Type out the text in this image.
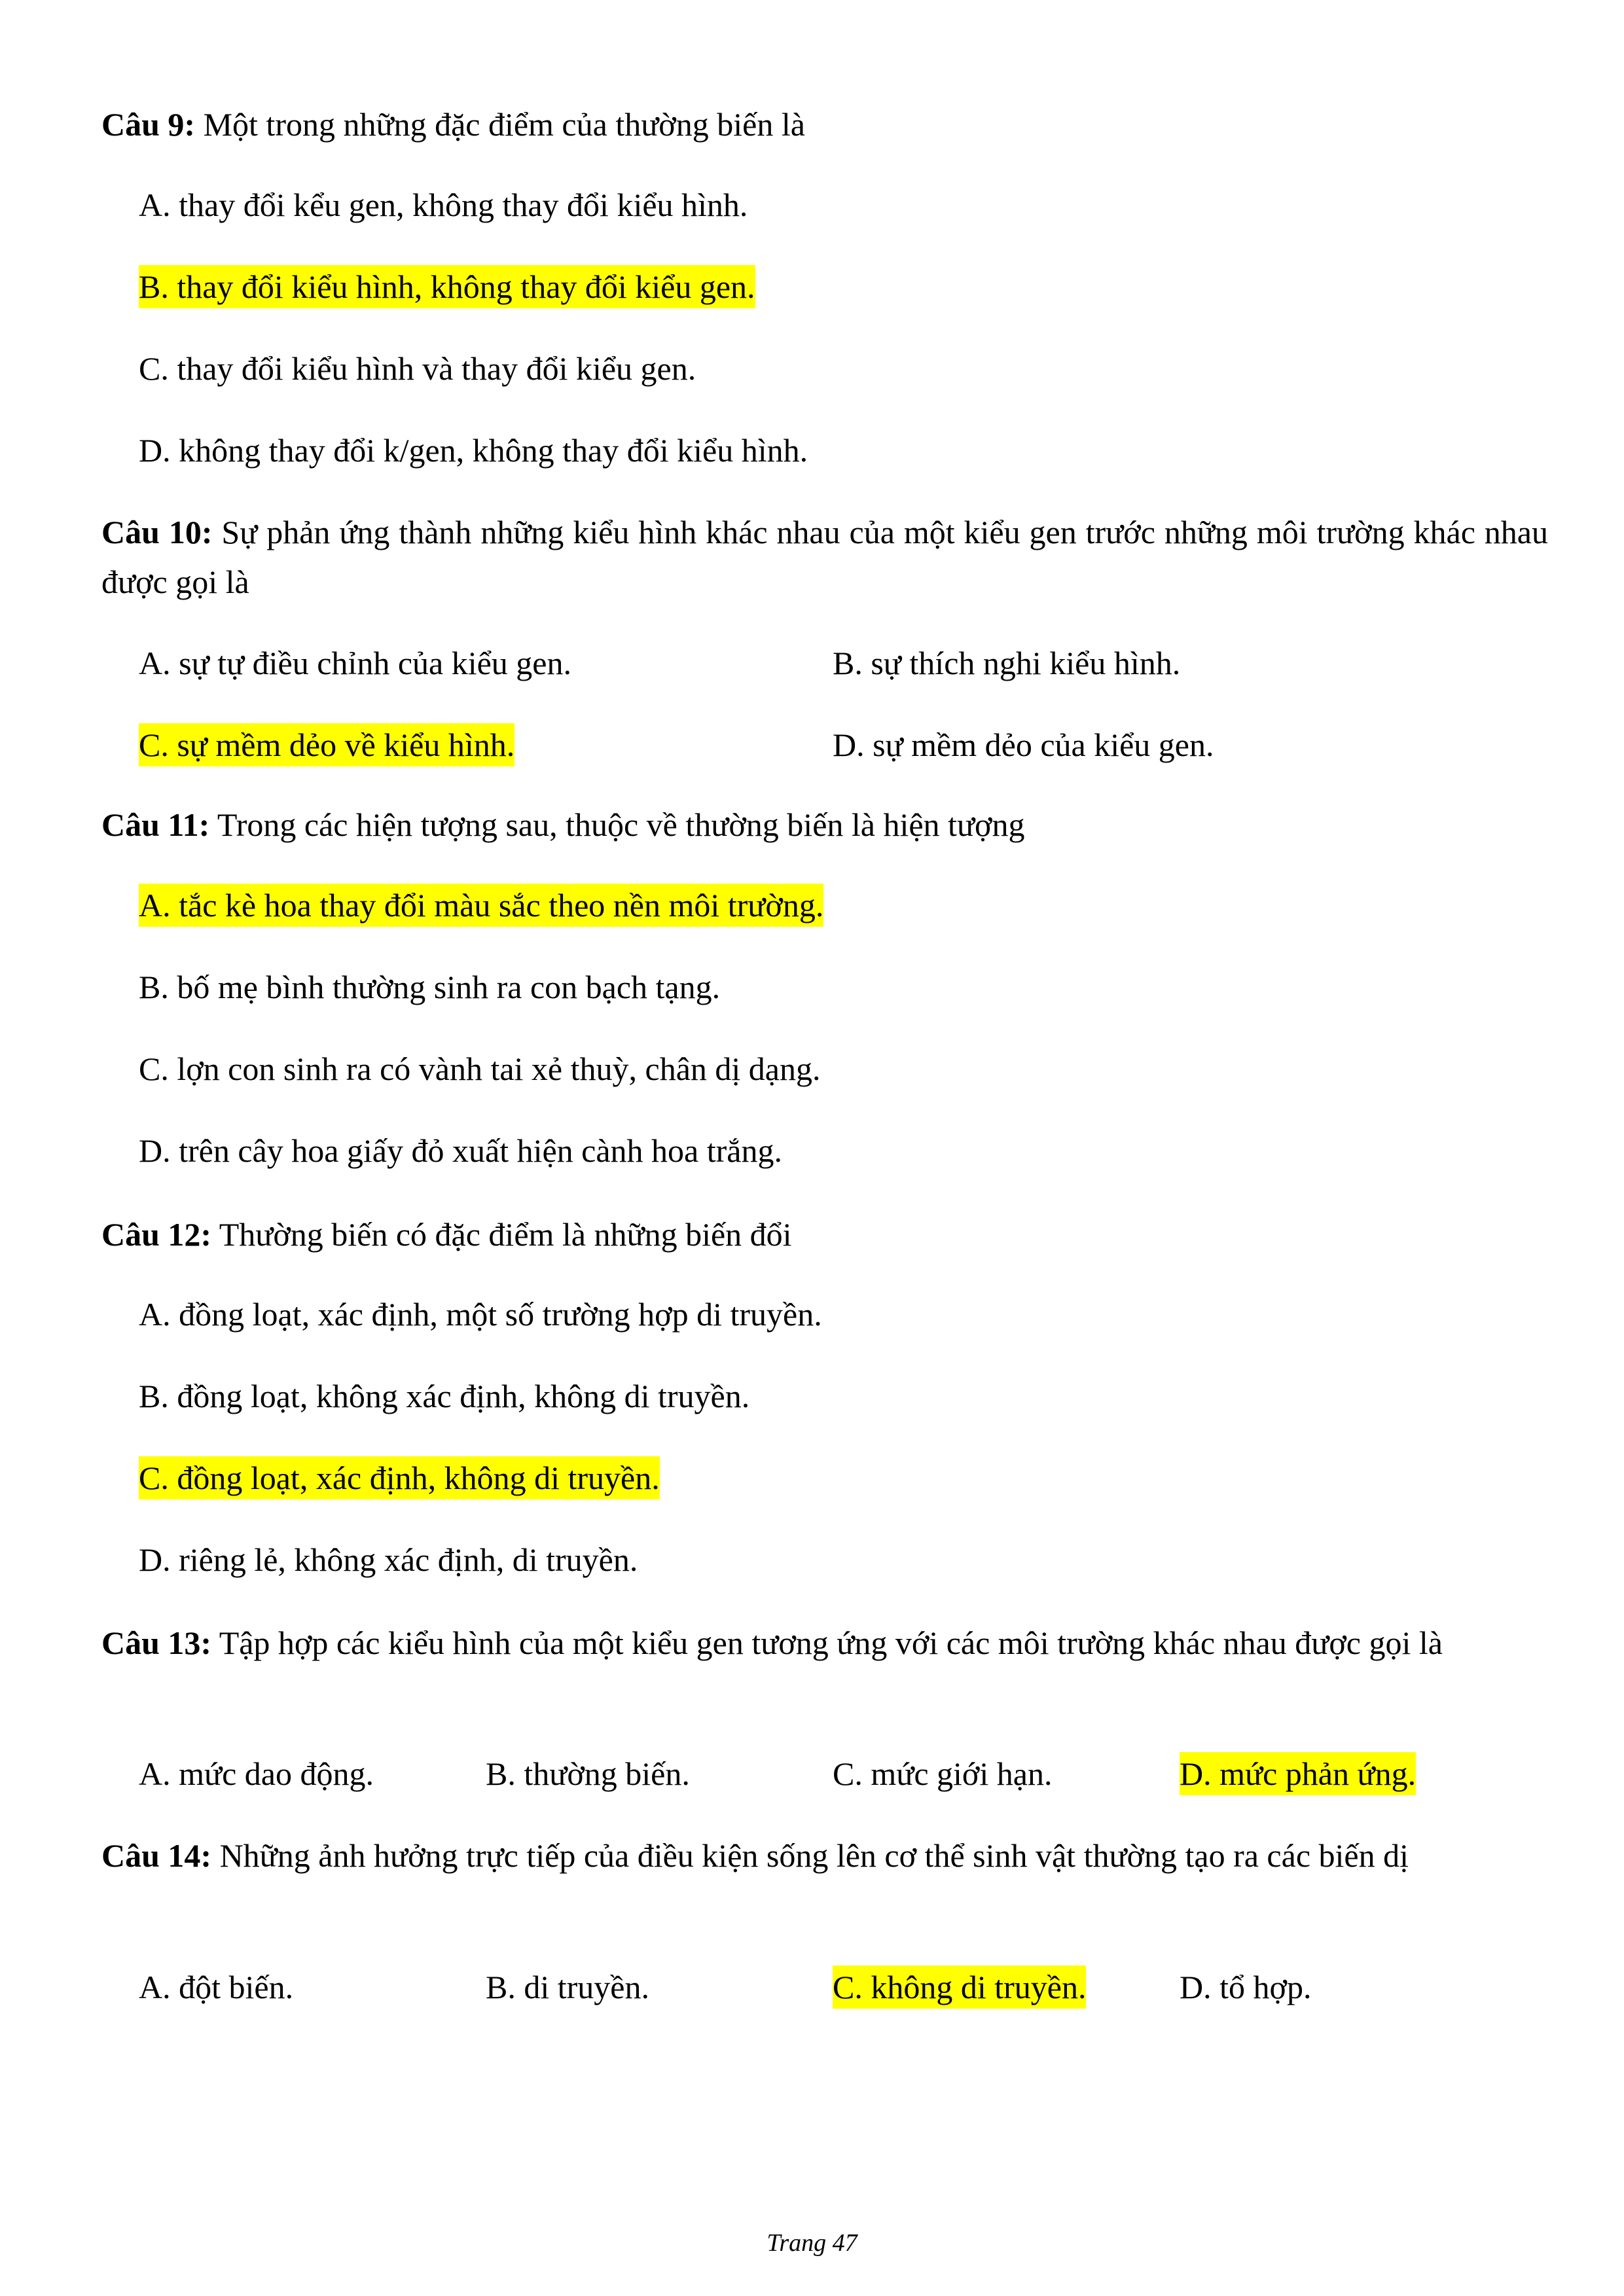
Câu 9: Một trong những đặc điểm của thường biến là
A. thay đổi kểu gen, không thay đổi kiểu hình.
B. thay đổi kiểu hình, không thay đổi kiểu gen.
C. thay đổi kiểu hình và thay đổi kiểu gen.
D. không thay đổi k/gen, không thay đổi kiểu hình.
Câu 10: Sự phản ứng thành những kiểu hình khác nhau của một kiểu gen trước những môi trường khác nhau được gọi là
A. sự tự điều chỉnh của kiểu gen.	B. sự thích nghi kiểu hình.
C. sự mềm dẻo về kiểu hình.	D. sự mềm dẻo của kiểu gen.
Câu 11: Trong các hiện tượng sau, thuộc về thường biến là hiện tượng
A. tắc kè hoa thay đổi màu sắc theo nền môi trường.
B. bố mẹ bình thường sinh ra con bạch tạng.
C. lợn con sinh ra có vành tai xẻ thuỳ, chân dị dạng.
D. trên cây hoa giấy đỏ xuất hiện cành hoa trắng.
Câu 12: Thường biến có đặc điểm là những biến đổi
A. đồng loạt, xác định, một số trường hợp di truyền.
B. đồng loạt, không xác định, không di truyền.
C. đồng loạt, xác định, không di truyền.
D. riêng lẻ, không xác định, di truyền.
Câu 13: Tập hợp các kiểu hình của một kiểu gen tương ứng với các môi trường khác nhau được gọi là
A. mức dao động.	B. thường biến.	C. mức giới hạn.	D. mức phản ứng.
Câu 14: Những ảnh hưởng trực tiếp của điều kiện sống lên cơ thể sinh vật thường tạo ra các biến dị
A. đột biến.	B. di truyền.	C. không di truyền.	D. tổ hợp.
Trang 47
